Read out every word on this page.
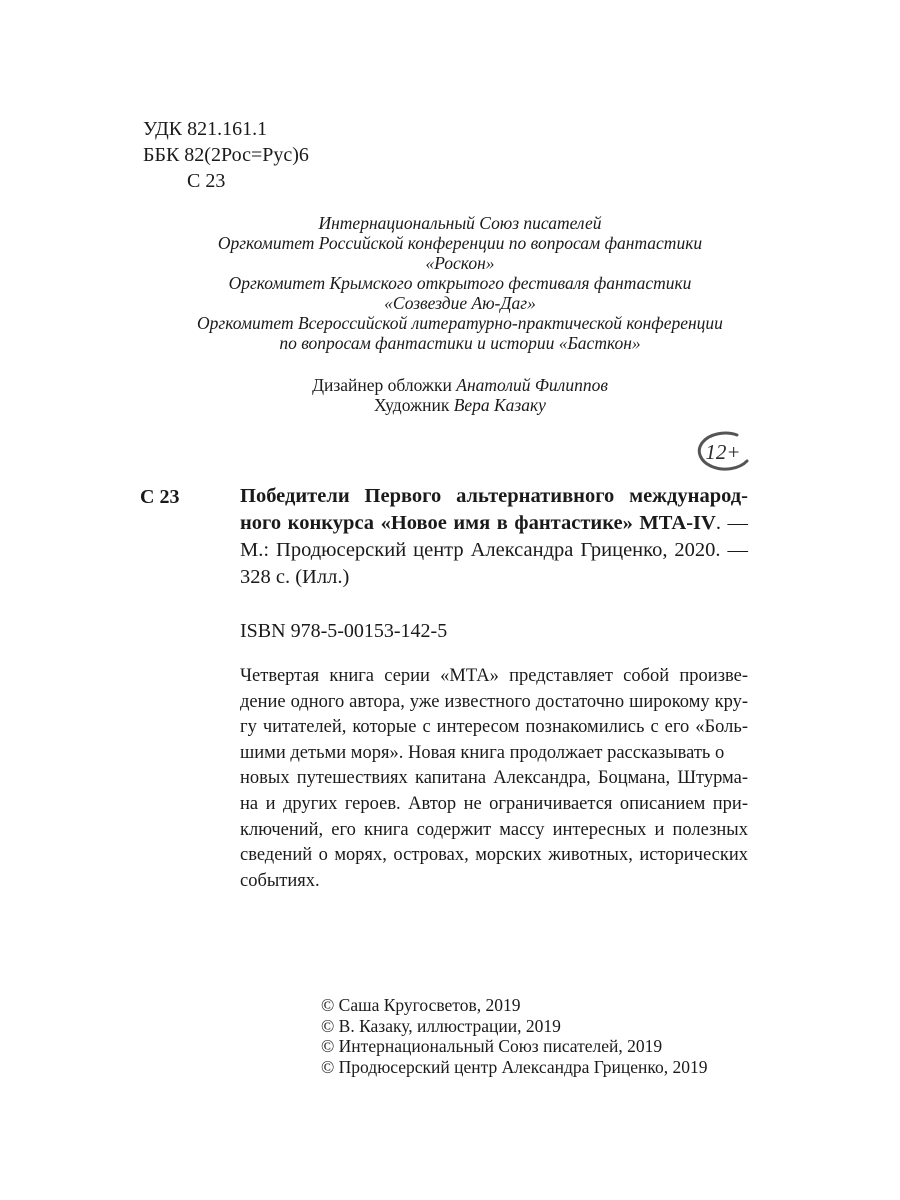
УДК 821.161.1
ББК 82(2Рос=Рус)6
С 23
Интернациональный Союз писателей
Оргкомитет Российской конференции по вопросам фантастики
«Роскон»
Оргкомитет Крымского открытого фестиваля фантастики
«Созвездие Аю-Даг»
Оргкомитет Всероссийской литературно-практической конференции
по вопросам фантастики и истории «Басткон»
Дизайнер обложки Анатолий Филиппов
Художник Вера Казаку
12+
С 23	Победители Первого альтернативного международ-
ного конкурса «Новое имя в фантастике» МТА-IV. —
М.: Продюсерский центр Александра Гриценко, 2020. —
328 с. (Илл.)
ISBN 978-5-00153-142-5
Четвертая книга серии «МТА» представляет собой произве-
дение одного автора, уже известного достаточно широкому кру-
гу читателей, которые с интересом познакомились с его «Боль-
шими детьми моря». Новая книга продолжает рассказывать о
новых путешествиях капитана Александра, Боцмана, Штурма-
на и других героев. Автор не ограничивается описанием при-
ключений, его книга содержит массу интересных и полезных
сведений о морях, островах, морских животных, исторических
событиях.
© Саша Кругосветов, 2019
© В. Казаку, иллюстрации, 2019
© Интернациональный Союз писателей, 2019
© Продюсерский центр Александра Гриценко, 2019
